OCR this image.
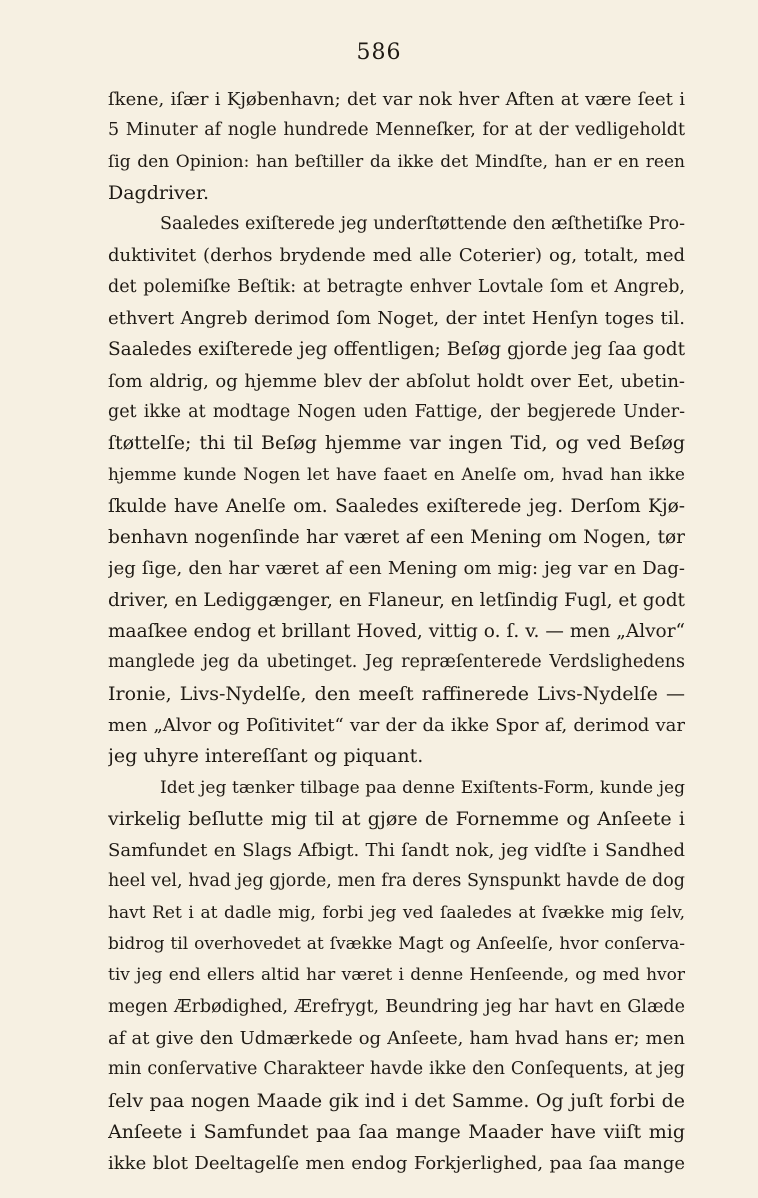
586
ſkene, iſær i Kjøbenhavn; det var nok hver Aften at være ſeet i
5 Minuter af nogle hundrede Menneſker, for at der vedligeholdt
ſig den Opinion: han beſtiller da ikke det Mindſte, han er en reen
Dagdriver.
Saaledes exiſterede jeg underſtøttende den æſthetiſke Pro-
duktivitet (derhos brydende med alle Coterier) og, totalt, med
det polemiſke Beſtik: at betragte enhver Lovtale ſom et Angreb,
ethvert Angreb derimod ſom Noget, der intet Henſyn toges til.
Saaledes exiſterede jeg offentligen; Beſøg gjorde jeg ſaa godt
ſom aldrig, og hjemme blev der abſolut holdt over Eet, ubetin-
get ikke at modtage Nogen uden Fattige, der begjerede Under-
ſtøttelſe; thi til Beſøg hjemme var ingen Tid, og ved Beſøg
hjemme kunde Nogen let have faaet en Anelſe om, hvad han ikke
ſkulde have Anelſe om. Saaledes exiſterede jeg. Derſom Kjø-
benhavn nogenſinde har været af een Mening om Nogen, tør
jeg ſige, den har været af een Mening om mig: jeg var en Dag-
driver, en Lediggænger, en Flaneur, en letſindig Fugl, et godt
maaſkee endog et brillant Hoved, vittig o. ſ. v. — men „Alvor“
manglede jeg da ubetinget. Jeg repræſenterede Verdslighedens
Ironie, Livs-Nydelſe, den meeſt raffinerede Livs-Nydelſe —
men „Alvor og Poſitivitet“ var der da ikke Spor af, derimod var
jeg uhyre intereſſant og piquant.
Idet jeg tænker tilbage paa denne Exiſtents-Form, kunde jeg
virkelig beſlutte mig til at gjøre de Fornemme og Anſeete i
Samfundet en Slags Afbigt. Thi ſandt nok, jeg vidſte i Sandhed
heel vel, hvad jeg gjorde, men fra deres Synspunkt havde de dog
havt Ret i at dadle mig, forbi jeg ved ſaaledes at ſvække mig ſelv,
bidrog til overhovedet at ſvække Magt og Anſeelſe, hvor conſerva-
tiv jeg end ellers altid har været i denne Henſeende, og med hvor
megen Ærbødighed, Ærefrygt, Beundring jeg har havt en Glæde
af at give den Udmærkede og Anſeete, ham hvad hans er; men
min conſervative Charakteer havde ikke den Conſequents, at jeg
ſelv paa nogen Maade gik ind i det Samme. Og juſt forbi de
Anſeete i Samfundet paa ſaa mange Maader have viiſt mig
ikke blot Deeltagelſe men endog Forkjerlighed, paa ſaa mange
